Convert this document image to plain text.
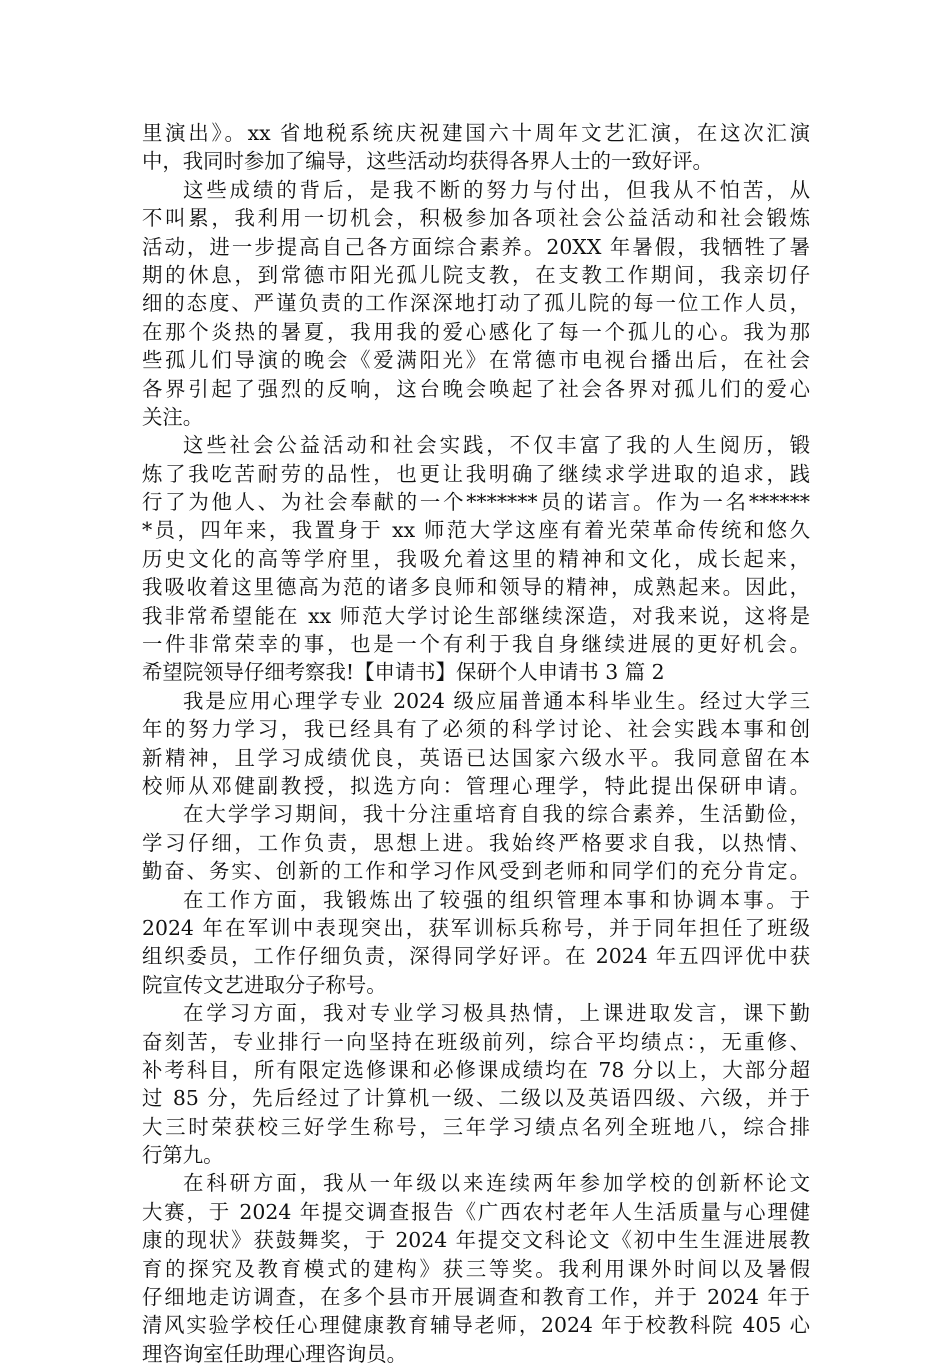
里演出》。xx 省地税系统庆祝建国六十周年文艺汇演，在这次汇演
中，我同时参加了编导，这些活动均获得各界人士的一致好评。
这些成绩的背后，是我不断的努力与付出，但我从不怕苦，从
不叫累，我利用一切机会，积极参加各项社会公益活动和社会锻炼
活动，进一步提高自己各方面综合素养。20XX 年暑假，我牺牲了暑
期的休息，到常德市阳光孤儿院支教，在支教工作期间，我亲切仔
细的态度、严谨负责的工作深深地打动了孤儿院的每一位工作人员，
在那个炎热的暑夏，我用我的爱心感化了每一个孤儿的心。我为那
些孤儿们导演的晚会《爱满阳光》在常德市电视台播出后，在社会
各界引起了强烈的反响，这台晚会唤起了社会各界对孤儿们的爱心
关注。
这些社会公益活动和社会实践，不仅丰富了我的人生阅历，锻
炼了我吃苦耐劳的品性，也更让我明确了继续求学进取的追求，践
行了为他人、为社会奉献的一个*******员的诺言。作为一名******
*员，四年来，我置身于 xx 师范大学这座有着光荣革命传统和悠久
历史文化的高等学府里，我吸允着这里的精神和文化，成长起来，
我吸收着这里德高为范的诸多良师和领导的精神，成熟起来。因此，
我非常希望能在 xx 师范大学讨论生部继续深造，对我来说，这将是
一件非常荣幸的事，也是一个有利于我自身继续进展的更好机会。
希望院领导仔细考察我!【申请书】保研个人申请书 3 篇 2
我是应用心理学专业 2024 级应届普通本科毕业生。经过大学三
年的努力学习，我已经具有了必须的科学讨论、社会实践本事和创
新精神，且学习成绩优良，英语已达国家六级水平。我同意留在本
校师从邓健副教授，拟选方向：管理心理学，特此提出保研申请。
在大学学习期间，我十分注重培育自我的综合素养，生活勤俭，
学习仔细，工作负责，思想上进。我始终严格要求自我，以热情、
勤奋、务实、创新的工作和学习作风受到老师和同学们的充分肯定。
在工作方面，我锻炼出了较强的组织管理本事和协调本事。于
2024 年在军训中表现突出，获军训标兵称号，并于同年担任了班级
组织委员，工作仔细负责，深得同学好评。在 2024 年五四评优中获
院宣传文艺进取分子称号。
在学习方面，我对专业学习极具热情，上课进取发言，课下勤
奋刻苦，专业排行一向坚持在班级前列，综合平均绩点：，无重修、
补考科目，所有限定选修课和必修课成绩均在 78 分以上，大部分超
过 85 分，先后经过了计算机一级、二级以及英语四级、六级，并于
大三时荣获校三好学生称号，三年学习绩点名列全班地八，综合排
行第九。
在科研方面，我从一年级以来连续两年参加学校的创新杯论文
大赛，于 2024 年提交调查报告《广西农村老年人生活质量与心理健
康的现状》获鼓舞奖，于 2024 年提交文科论文《初中生生涯进展教
育的探究及教育模式的建构》获三等奖。我利用课外时间以及暑假
仔细地走访调查，在多个县市开展调查和教育工作，并于 2024 年于
清风实验学校任心理健康教育辅导老师，2024 年于校教科院 405 心
理咨询室任助理心理咨询员。
